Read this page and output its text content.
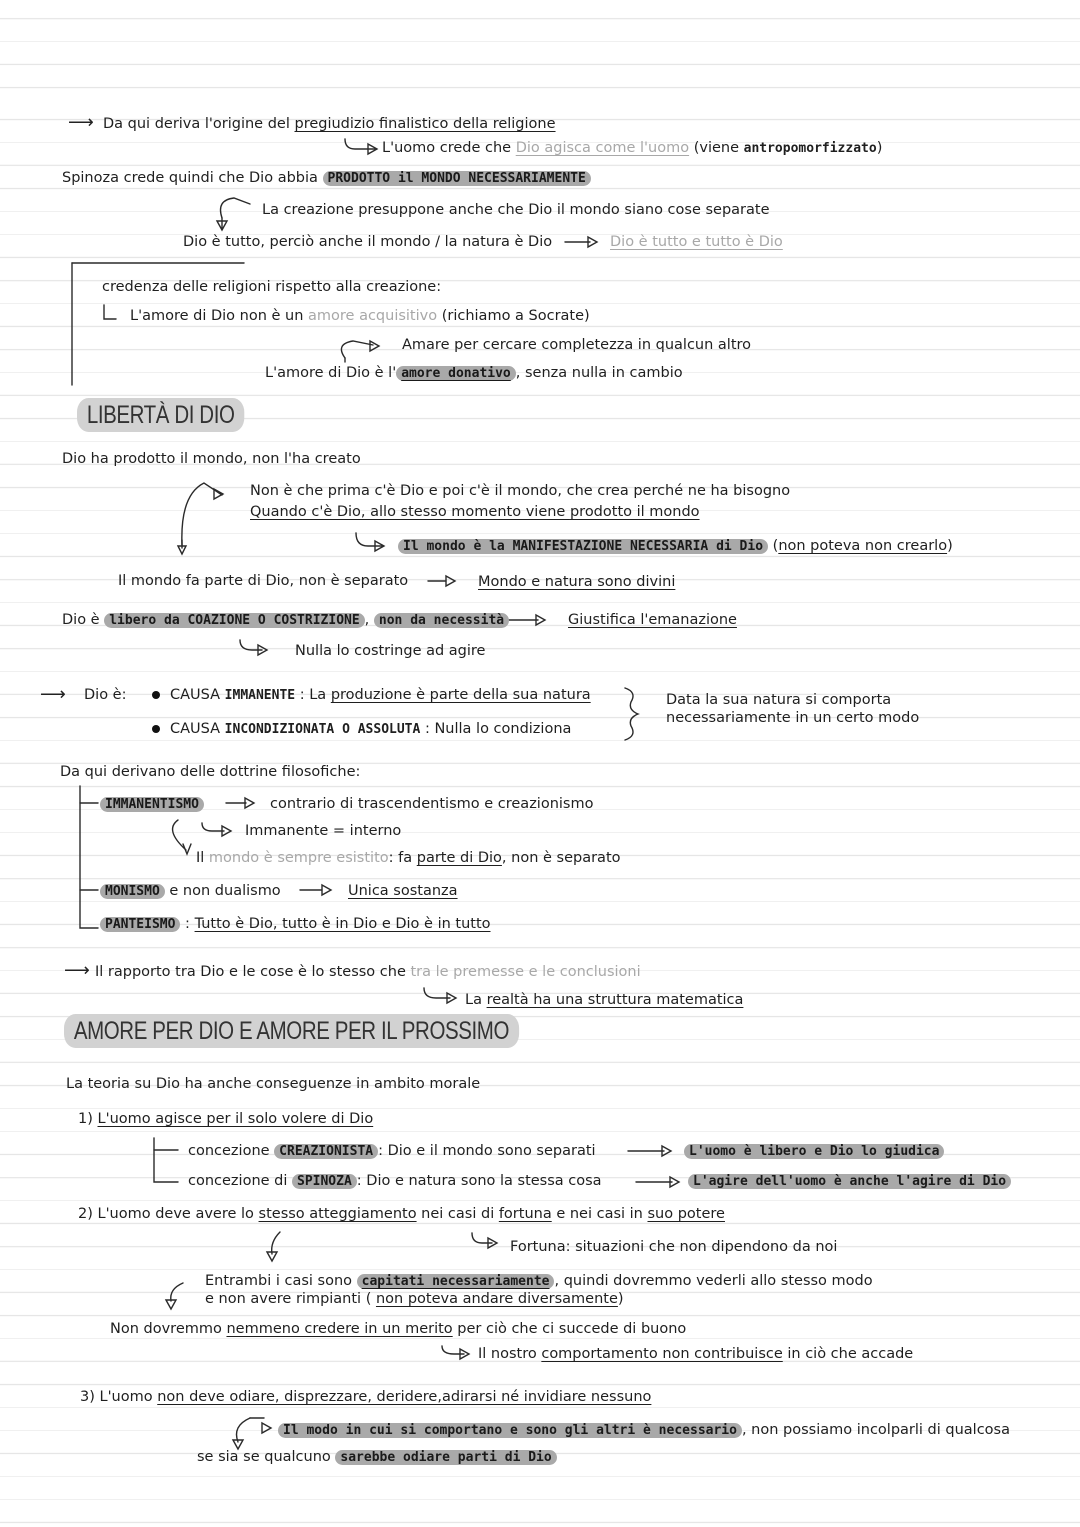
⟶ Da qui deriva l'origine del pregiudizio finalistico della religione
L'uomo crede che Dio agisca come l'uomo (viene antropomorfizzato)
Spinoza crede quindi che Dio abbia PRODOTTO il MONDO NECESSARIAMENTE
La creazione presuppone anche che Dio il mondo siano cose separate
Dio è tutto, perciò anche il mondo / la natura è Dio	Dio è tutto e tutto è Dio
credenza delle religioni rispetto alla creazione:
L'amore di Dio non è un amore acquisitivo (richiamo a Socrate)
Amare per cercare completezza in qualcun altro
L'amore di Dio è l' amore donativo , senza nulla in cambio
LIBERTÀ DI DIO
Dio ha prodotto il mondo, non l'ha creato
Non è che prima c'è Dio e poi c'è il mondo, che crea perché ne ha bisogno
Quando c'è Dio, allo stesso momento viene prodotto il mondo
Il mondo è la MANIFESTAZIONE NECESSARIA di Dio (non poteva non crearlo)
Il mondo fa parte di Dio, non è separato	Mondo e natura sono divini
Dio è libero da COAZIONE O COSTRIZIONE , non da necessità	Giustifica l'emanazione
Nulla lo costringe ad agire
⟶ Dio è:	CAUSA IMMANENTE : La produzione è parte della sua natura
CAUSA INCONDIZIONATA O ASSOLUTA : Nulla lo condiziona
Data la sua natura si comporta
necessariamente in un certo modo
Da qui derivano delle dottrine filosofiche:
IMMANENTISMO	contrario di trascendentismo e creazionismo
Immanente = interno
Il mondo è sempre esistito: fa parte di Dio, non è separato
MONISMO e non dualismo	Unica sostanza
PANTEISMO : Tutto è Dio, tutto è in Dio e Dio è in tutto
⟶ Il rapporto tra Dio e le cose è lo stesso che tra le premesse e le conclusioni
La realtà ha una struttura matematica
AMORE PER DIO E AMORE PER IL PROSSIMO
La teoria su Dio ha anche conseguenze in ambito morale
1) L'uomo agisce per il solo volere di Dio
concezione CREAZIONISTA : Dio e il mondo sono separati	L'uomo è libero e Dio lo giudica
concezione di SPINOZA : Dio e natura sono la stessa cosa	L'agire dell'uomo è anche l'agire di Dio
2) L'uomo deve avere lo stesso atteggiamento nei casi di fortuna e nei casi in suo potere
Fortuna: situazioni che non dipendono da noi
Entrambi i casi sono capitati necessariamente , quindi dovremmo vederli allo stesso modo
e non avere rimpianti ( non poteva andare diversamente)
Non dovremmo nemmeno credere in un merito per ciò che ci succede di buono
Il nostro comportamento non contribuisce in ciò che accade
3) L'uomo non deve odiare, disprezzare, deridere,adirarsi né invidiare nessuno
Il modo in cui si comportano e sono gli altri è necessario , non possiamo incolparli di qualcosa
se sia se qualcuno sarebbe odiare parti di Dio
